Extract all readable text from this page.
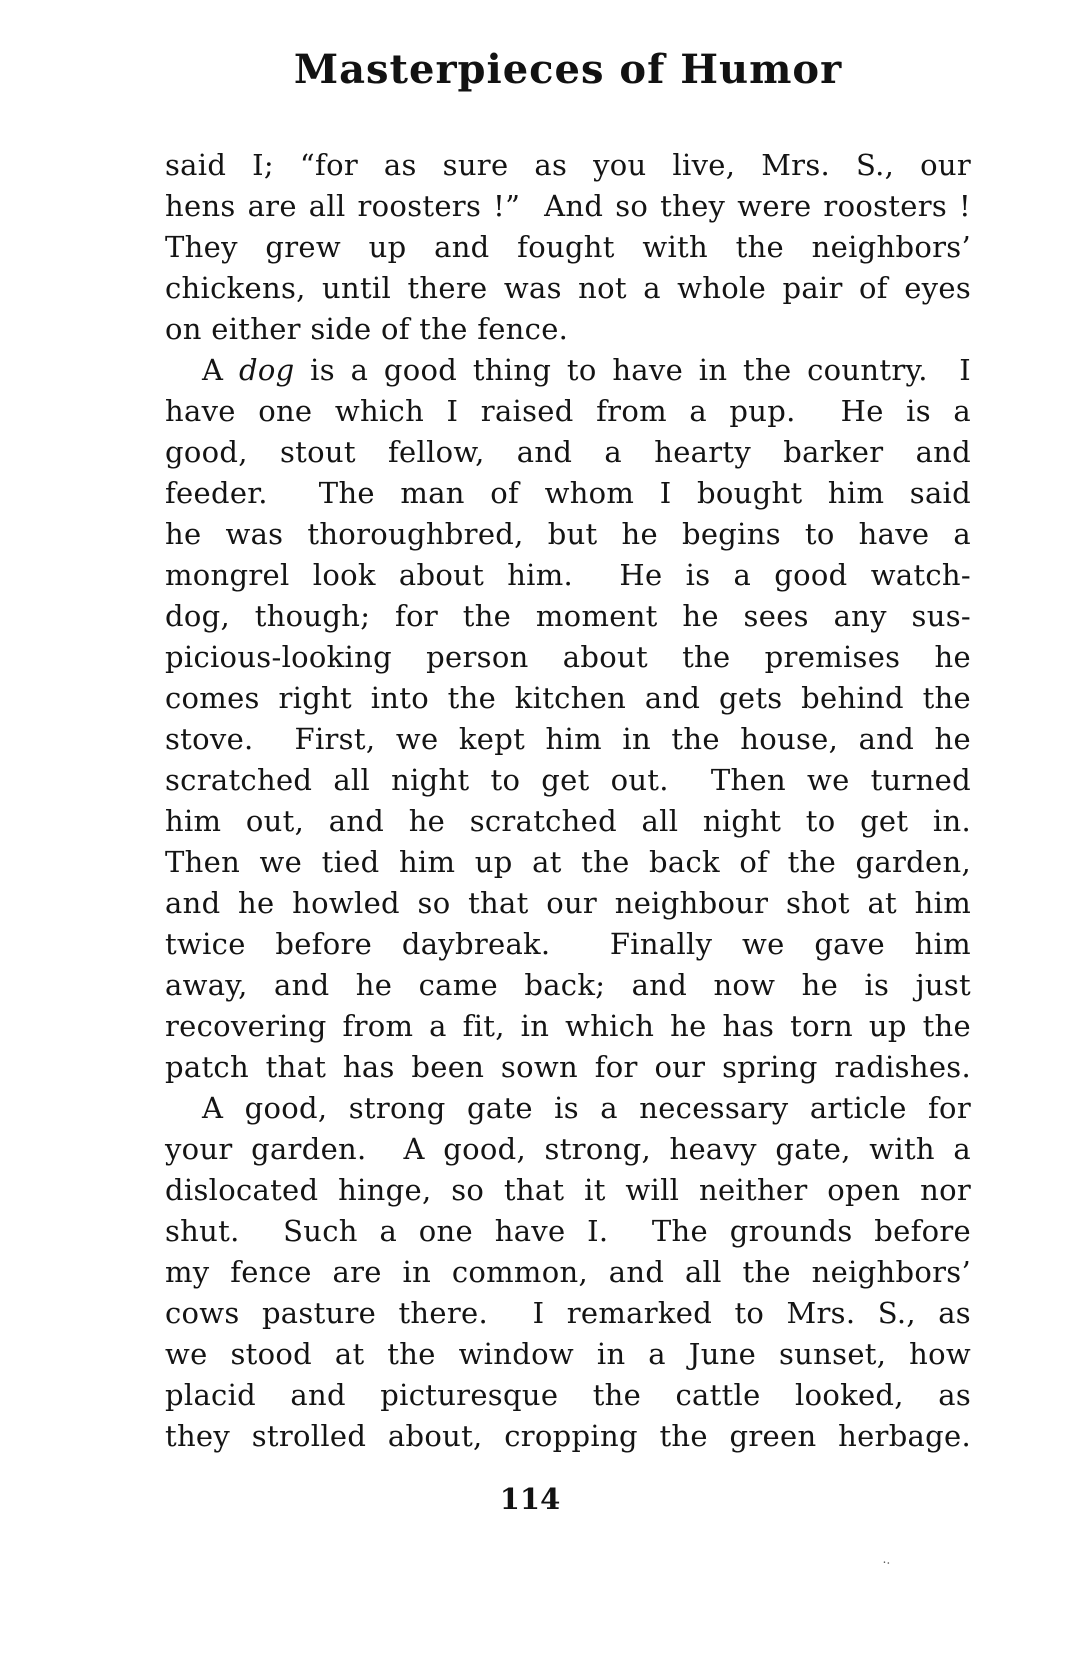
Masterpieces of Humor
said I; “for as sure as you live, Mrs. S., our
hens are all roosters !”  And so they were roosters !
They grew up and fought with the neighbors’
chickens, until there was not a whole pair of eyes
on either side of the fence.
A dog is a good thing to have in the country.  I
have one which I raised from a pup.  He is a
good, stout fellow, and a hearty barker and
feeder.  The man of whom I bought him said
he was thoroughbred, but he begins to have a
mongrel look about him.  He is a good watch-
dog, though; for the moment he sees any sus-
picious-looking person about the premises he
comes right into the kitchen and gets behind the
stove.  First, we kept him in the house, and he
scratched all night to get out.  Then we turned
him out, and he scratched all night to get in.
Then we tied him up at the back of the garden,
and he howled so that our neighbour shot at him
twice before daybreak.  Finally we gave him
away, and he came back; and now he is just
recovering from a fit, in which he has torn up the
patch that has been sown for our spring radishes.
A good, strong gate is a necessary article for
your garden.  A good, strong, heavy gate, with a
dislocated hinge, so that it will neither open nor
shut.  Such a one have I.  The grounds before
my fence are in common, and all the neighbors’
cows pasture there.  I remarked to Mrs. S., as
we stood at the window in a June sunset, how
placid and picturesque the cattle looked, as
they strolled about, cropping the green herbage.
114
‥
